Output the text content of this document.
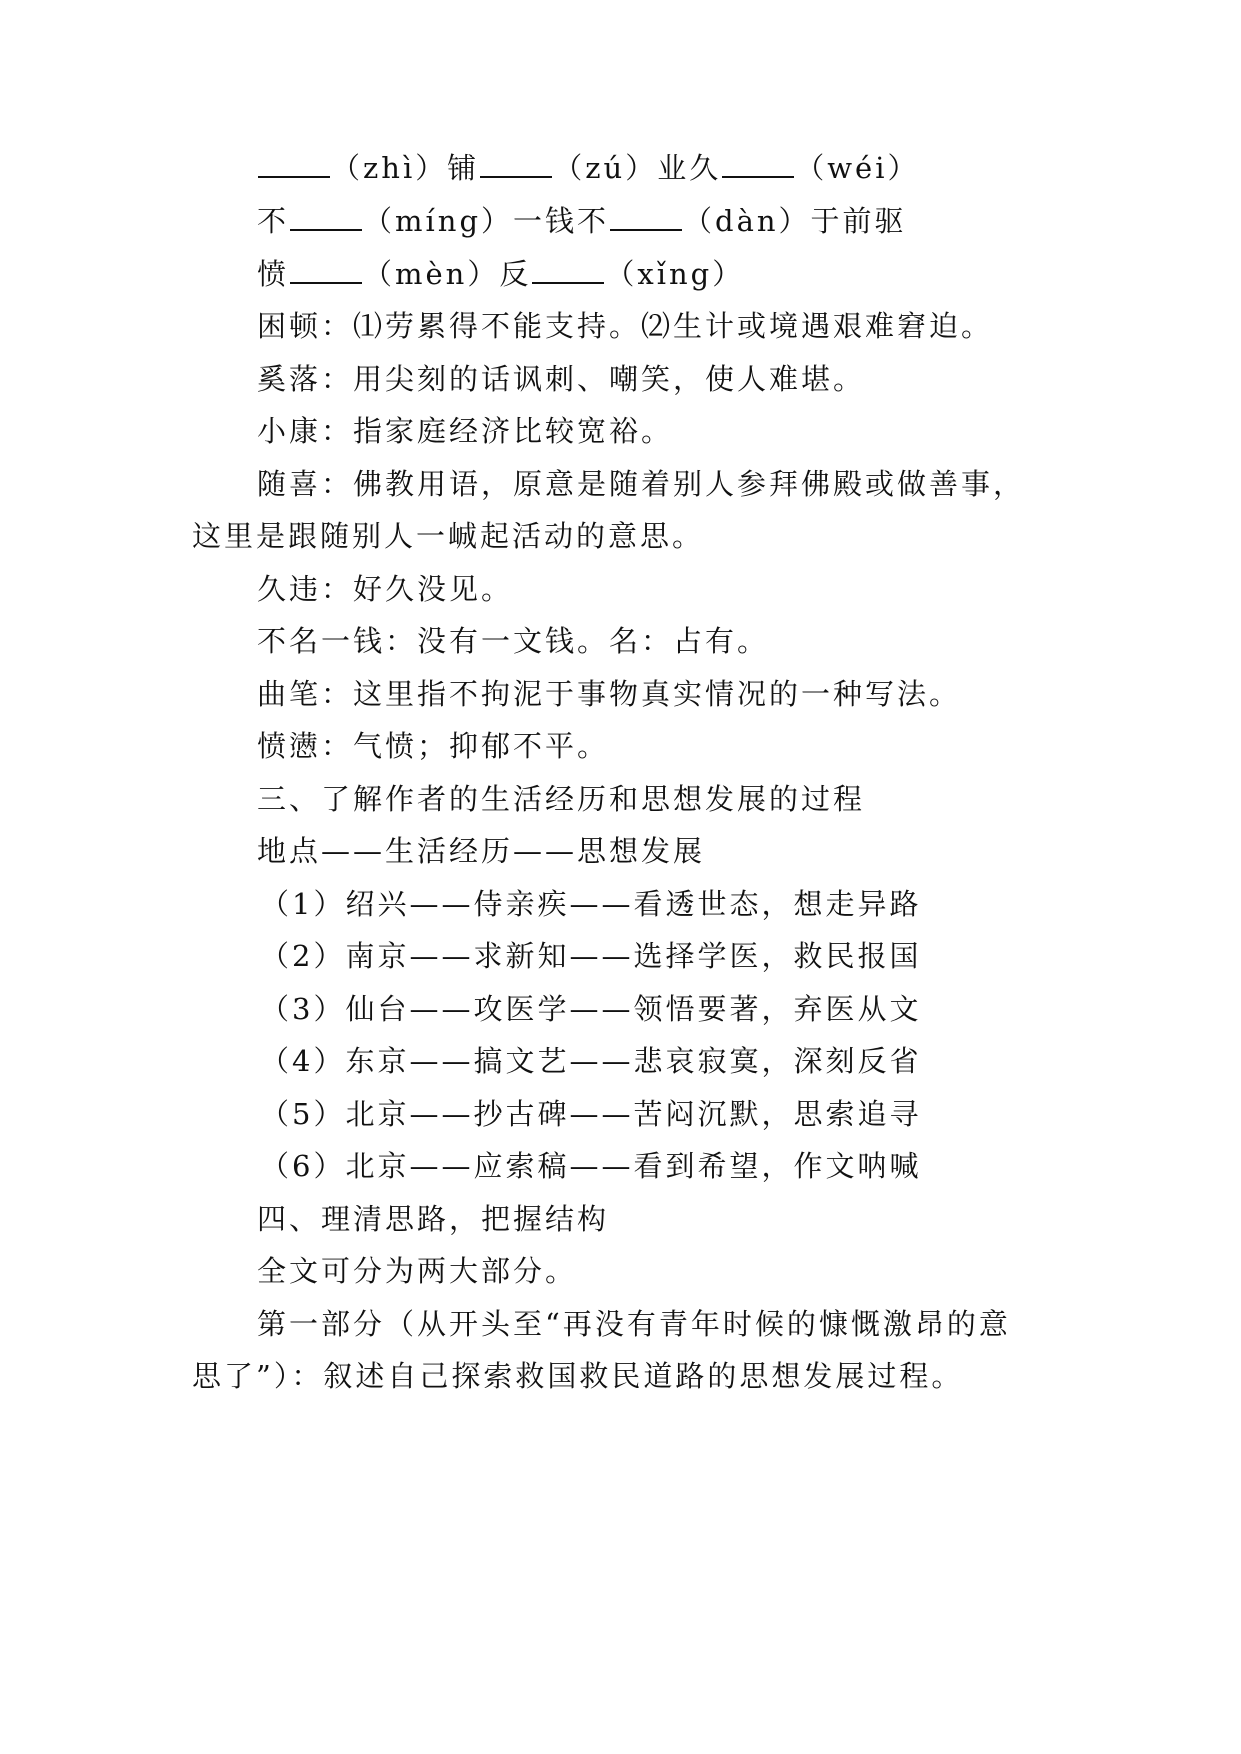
（zhì）铺	（zú）业久	（wéi）
不	（míng）一钱不	（dàn）于前驱
愤	（mèn）反	（xǐng）
困顿：⑴劳累得不能支持。⑵生计或境遇艰难窘迫。
奚落：用尖刻的话讽刺、嘲笑，使人难堪。
小康：指家庭经济比较宽裕。
随喜：佛教用语，原意是随着别人参拜佛殿或做善事，
这里是跟随别人一峸起活动的意思。
久违：好久没见。
不名一钱：没有一文钱。名：占有。
曲笔：这里指不拘泥于事物真实情况的一种写法。
愤懑：气愤；抑郁不平。
三、了解作者的生活经历和思想发展的过程
地点——生活经历——思想发展
（1）绍兴——侍亲疾——看透世态，想走异路
（2）南京——求新知——选择学医，救民报国
（3）仙台——攻医学——领悟要著，弃医从文
（4）东京——搞文艺——悲哀寂寞，深刻反省
（5）北京——抄古碑——苦闷沉默，思索追寻
（6）北京——应索稿——看到希望，作文呐喊
四、理清思路，把握结构
全文可分为两大部分。
第一部分（从开头至“再没有青年时候的慷慨激昂的意
思了”）：叙述自己探索救国救民道路的思想发展过程。
